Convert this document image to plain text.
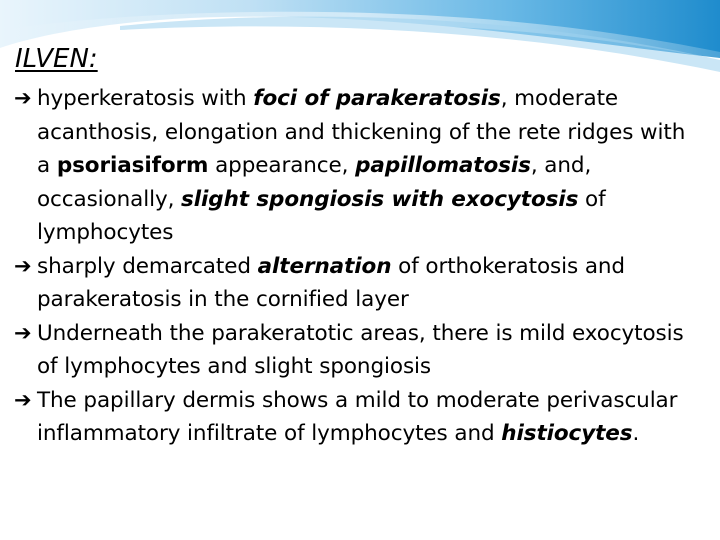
ILVEN:
➔ hyperkeratosis with foci of parakeratosis, moderate acanthosis, elongation and thickening of the rete ridges with a psoriasiform appearance, papillomatosis, and, occasionally, slight spongiosis with exocytosis of lymphocytes
➔ sharply demarcated alternation of orthokeratosis and parakeratosis in the cornified layer
➔ Underneath the parakeratotic areas, there is mild exocytosis of lymphocytes and slight spongiosis
➔ The papillary dermis shows a mild to moderate perivascular inflammatory infiltrate of lymphocytes and histiocytes.
